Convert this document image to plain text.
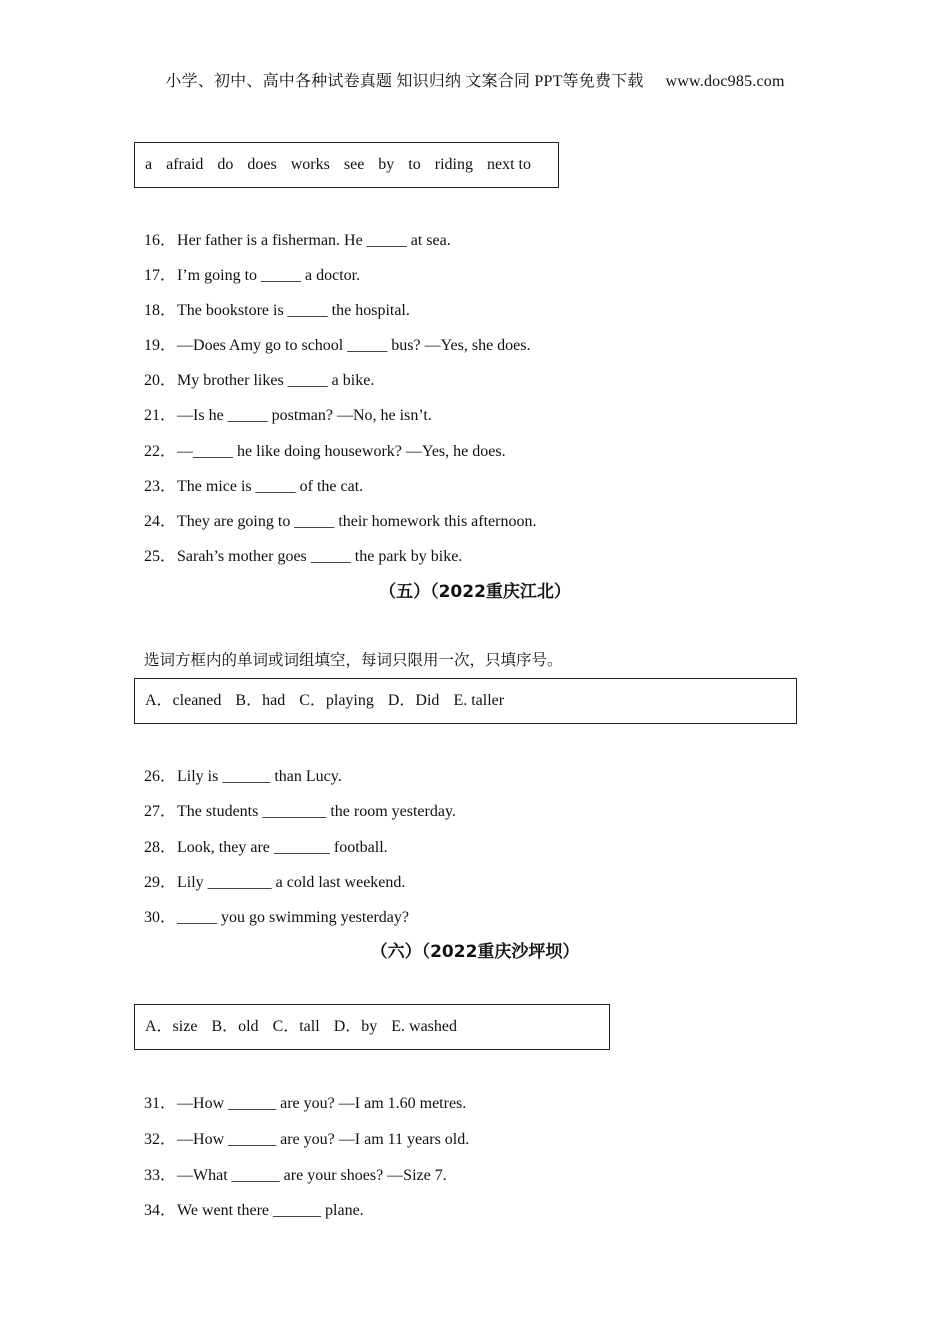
小学、初中、高中各种试卷真题 知识归纳 文案合同 PPT等免费下载 www.doc985.com
a afraid do does works see by to riding next to
16．Her father is a fisherman. He _____ at sea.
17．I’m going to _____ a doctor.
18．The bookstore is _____ the hospital.
19．—Does Amy go to school _____ bus? —Yes, she does.
20．My brother likes _____ a bike.
21．—Is he _____ postman? —No, he isn’t.
22．—_____ he like doing housework? —Yes, he does.
23．The mice is _____ of the cat.
24．They are going to _____ their homework this afternoon.
25．Sarah’s mother goes _____ the park by bike.
（五）（2022重庆江北）
选词方框内的单词或词组填空，每词只限用一次，只填序号。
A．cleaned B．had C．playing D．Did E. taller
26．Lily is ______ than Lucy.
27．The students ________ the room yesterday.
28．Look, they are _______ football.
29．Lily ________ a cold last weekend.
30．_____ you go swimming yesterday?
（六）（2022重庆沙坪坝）
A．size B．old C．tall D．by E. washed
31．—How ______ are you? —I am 1.60 metres.
32．—How ______ are you? —I am 11 years old.
33．—What ______ are your shoes? —Size 7.
34．We went there ______ plane.
